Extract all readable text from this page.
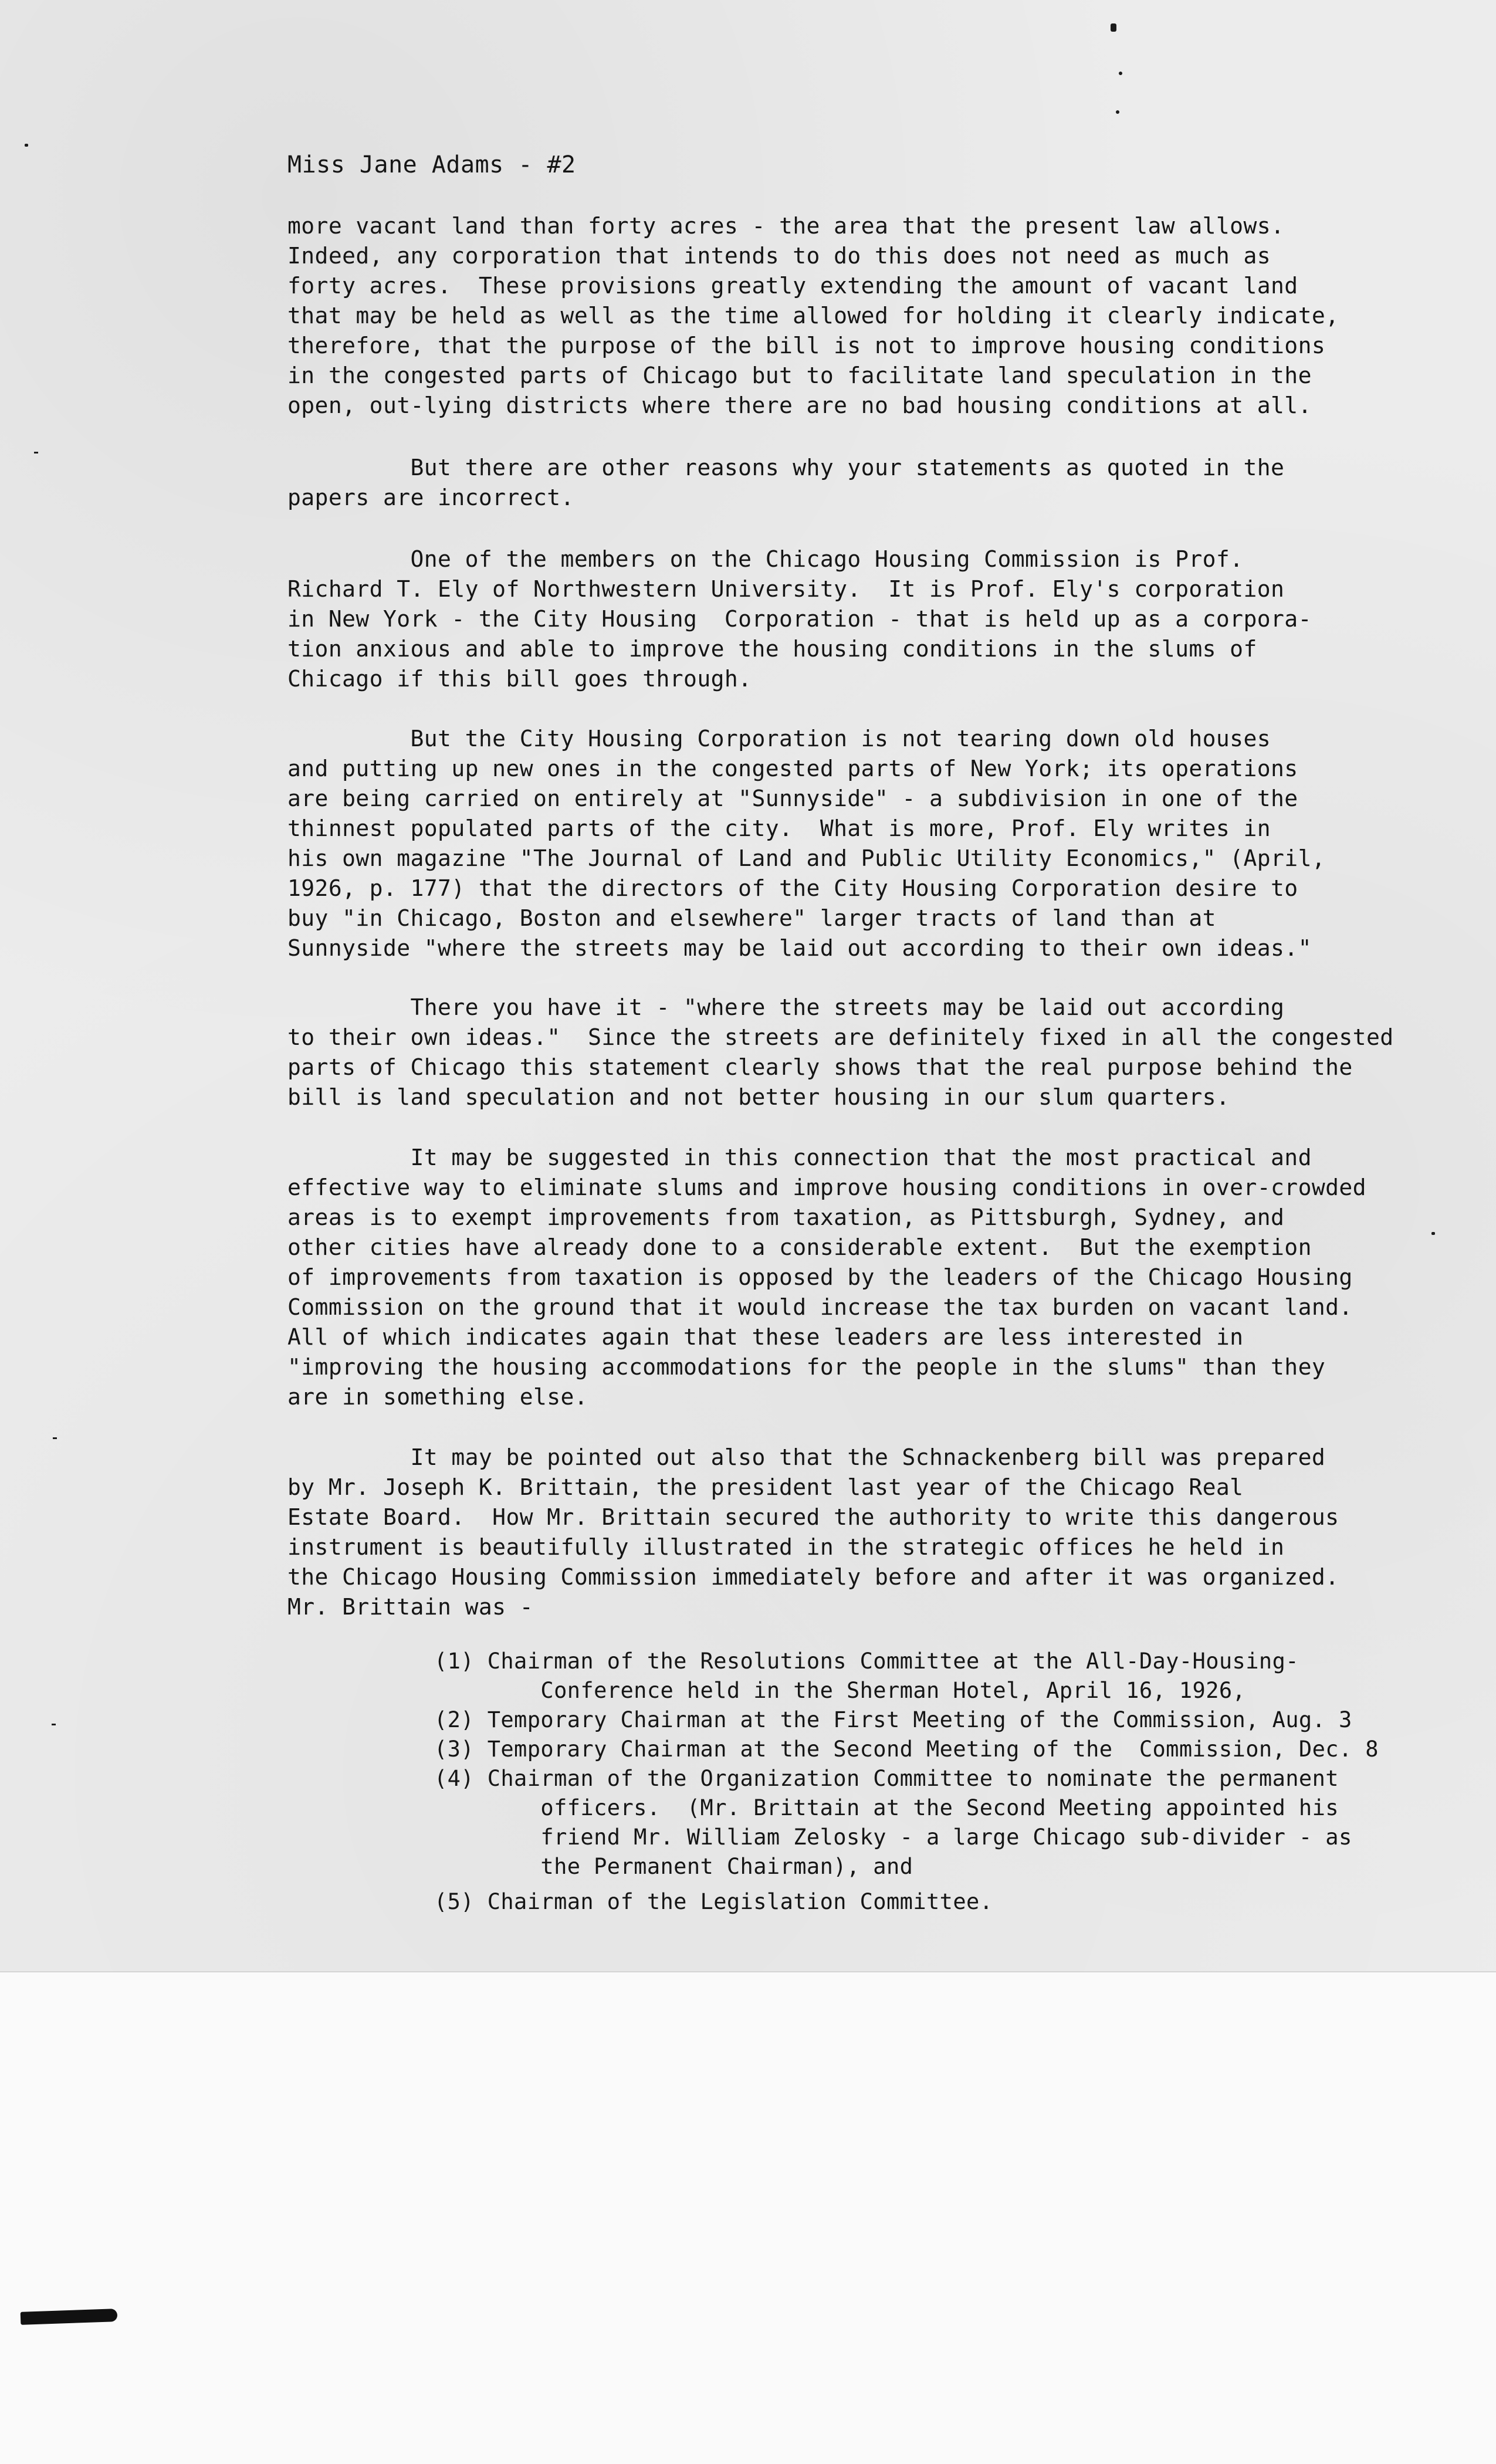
Miss Jane Adams - #2
more vacant land than forty acres - the area that the present law allows.
Indeed, any corporation that intends to do this does not need as much as
forty acres.  These provisions greatly extending the amount of vacant land
that may be held as well as the time allowed for holding it clearly indicate,
therefore, that the purpose of the bill is not to improve housing conditions
in the congested parts of Chicago but to facilitate land speculation in the
open, out-lying districts where there are no bad housing conditions at all.
But there are other reasons why your statements as quoted in the
papers are incorrect.
One of the members on the Chicago Housing Commission is Prof.
Richard T. Ely of Northwestern University.  It is Prof. Ely's corporation
in New York - the City Housing  Corporation - that is held up as a corpora-
tion anxious and able to improve the housing conditions in the slums of
Chicago if this bill goes through.
But the City Housing Corporation is not tearing down old houses
and putting up new ones in the congested parts of New York; its operations
are being carried on entirely at "Sunnyside" - a subdivision in one of the
thinnest populated parts of the city.  What is more, Prof. Ely writes in
his own magazine "The Journal of Land and Public Utility Economics," (April,
1926, p. 177) that the directors of the City Housing Corporation desire to
buy "in Chicago, Boston and elsewhere" larger tracts of land than at
Sunnyside "where the streets may be laid out according to their own ideas."
There you have it - "where the streets may be laid out according
to their own ideas."  Since the streets are definitely fixed in all the congested
parts of Chicago this statement clearly shows that the real purpose behind the
bill is land speculation and not better housing in our slum quarters.
It may be suggested in this connection that the most practical and
effective way to eliminate slums and improve housing conditions in over-crowded
areas is to exempt improvements from taxation, as Pittsburgh, Sydney, and
other cities have already done to a considerable extent.  But the exemption
of improvements from taxation is opposed by the leaders of the Chicago Housing
Commission on the ground that it would increase the tax burden on vacant land.
All of which indicates again that these leaders are less interested in
"improving the housing accommodations for the people in the slums" than they
are in something else.
It may be pointed out also that the Schnackenberg bill was prepared
by Mr. Joseph K. Brittain, the president last year of the Chicago Real
Estate Board.  How Mr. Brittain secured the authority to write this dangerous
instrument is beautifully illustrated in the strategic offices he held in
the Chicago Housing Commission immediately before and after it was organized.
Mr. Brittain was -
(1) Chairman of the Resolutions Committee at the All-Day-Housing-
Conference held in the Sherman Hotel, April 16, 1926,
(2) Temporary Chairman at the First Meeting of the Commission, Aug. 3
(3) Temporary Chairman at the Second Meeting of the  Commission, Dec. 8
(4) Chairman of the Organization Committee to nominate the permanent
officers.  (Mr. Brittain at the Second Meeting appointed his
friend Mr. William Zelosky - a large Chicago sub-divider - as
the Permanent Chairman), and
(5) Chairman of the Legislation Committee.
